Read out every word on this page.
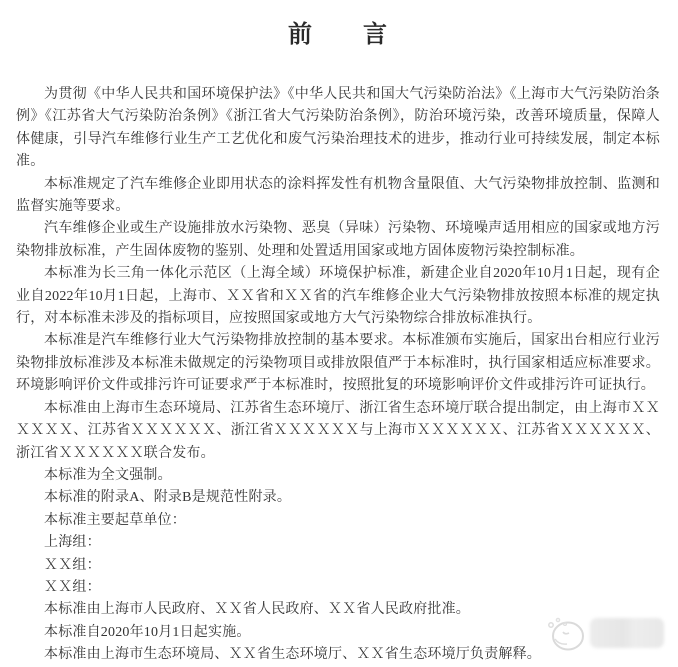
前　　言

为贯彻《中华人民共和国环境保护法》《中华人民共和国大气污染防治法》《上海市大气污染防治条例》《江苏省大气污染防治条例》《浙江省大气污染防治条例》，防治环境污染，改善环境质量，保障人体健康，引导汽车维修行业生产工艺优化和废气污染治理技术的进步，推动行业可持续发展，制定本标准。

本标准规定了汽车维修企业即用状态的涂料挥发性有机物含量限值、大气污染物排放控制、监测和监督实施等要求。

汽车维修企业或生产设施排放水污染物、恶臭（异味）污染物、环境噪声适用相应的国家或地方污染物排放标准，产生固体废物的鉴别、处理和处置适用国家或地方固体废物污染控制标准。

本标准为长三角一体化示范区（上海全域）环境保护标准，新建企业自2020年10月1日起，现有企业自2022年10月1日起，上海市、ＸＸ省和ＸＸ省的汽车维修企业大气污染物排放按照本标准的规定执行，对本标准未涉及的指标项目，应按照国家或地方大气污染物综合排放标准执行。

本标准是汽车维修行业大气污染物排放控制的基本要求。本标准颁布实施后，国家出台相应行业污染物排放标准涉及本标准未做规定的污染物项目或排放限值严于本标准时，执行国家相适应标准要求。环境影响评价文件或排污许可证要求严于本标准时，按照批复的环境影响评价文件或排污许可证执行。

本标准由上海市生态环境局、江苏省生态环境厅、浙江省生态环境厅联合提出制定，由上海市ＸＸＸＸＸＸ、江苏省ＸＸＸＸＸＸ、浙江省ＸＸＸＸＸＸ与上海市ＸＸＸＸＸＸ、江苏省ＸＸＸＸＸＸ、浙江省ＸＸＸＸＸＸ联合发布。

本标准为全文强制。

本标准的附录A、附录B是规范性附录。

本标准主要起草单位：

上海组：

ＸＸ组：

ＸＸ组：

本标准由上海市人民政府、ＸＸ省人民政府、ＸＸ省人民政府批准。

本标准自2020年10月1日起实施。

本标准由上海市生态环境局、ＸＸ省生态环境厅、ＸＸ省生态环境厅负责解释。
